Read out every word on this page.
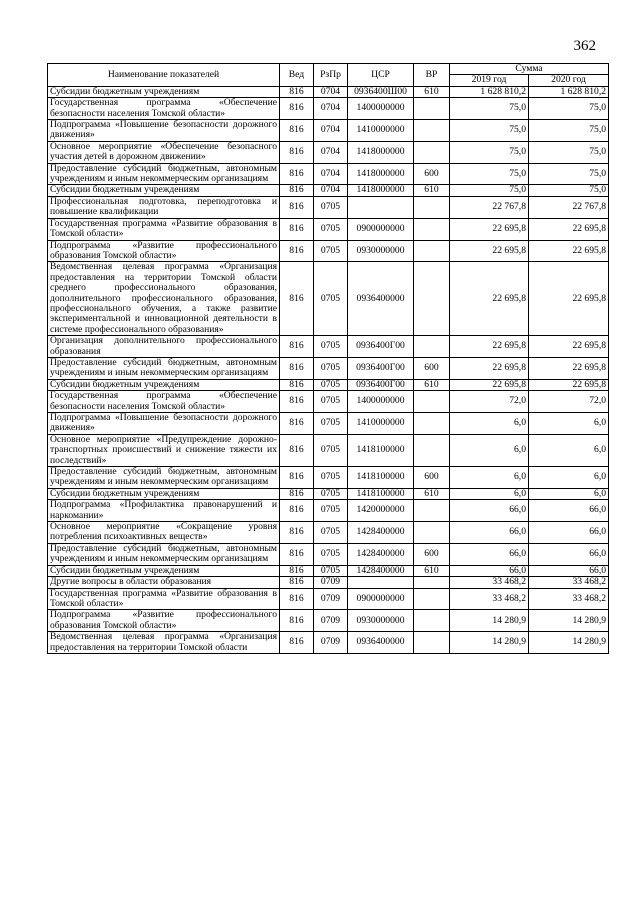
362
Наименование показателей	Вед	РзПр	ЦСР	ВР	Сумма	
					2019 год	2020 год
Субсидии бюджетным учреждениям	816	0704	0936400Ш00	610	1 628 810,2	1 628 810,2
Государственная программа «Обеспечение безопасности населения Томской области»	816	0704	1400000000		75,0	75,0
Подпрограмма «Повышение безопасности дорожного движения»	816	0704	1410000000		75,0	75,0
Основное мероприятие «Обеспечение безопасного участия детей в дорожном движении»	816	0704	1418000000		75,0	75,0
Предоставление субсидий бюджетным, автономным учреждениям и иным некоммерческим организациям	816	0704	1418000000	600	75,0	75,0
Субсидии бюджетным учреждениям	816	0704	1418000000	610	75,0	75,0
Профессиональная подготовка, переподготовка и повышение квалификации	816	0705			22 767,8	22 767,8
Государственная программа «Развитие образования в Томской области»	816	0705	0900000000		22 695,8	22 695,8
Подпрограмма «Развитие профессионального образования Томской области»	816	0705	0930000000		22 695,8	22 695,8
Ведомственная целевая программа «Организация предоставления на территории Томской области среднего профессионального образования, дополнительного профессионального образования, профессионального обучения, а также развитие экспериментальной и инновационной деятельности в системе профессионального образования»	816	0705	0936400000		22 695,8	22 695,8
Организация дополнительного профессионального образования	816	0705	0936400Г00		22 695,8	22 695,8
Предоставление субсидий бюджетным, автономным учреждениям и иным некоммерческим организациям	816	0705	0936400Г00	600	22 695,8	22 695,8
Субсидии бюджетным учреждениям	816	0705	0936400Г00	610	22 695,8	22 695,8
Государственная программа «Обеспечение безопасности населения Томской области»	816	0705	1400000000		72,0	72,0
Подпрограмма «Повышение безопасности дорожного движения»	816	0705	1410000000		6,0	6,0
Основное мероприятие «Предупреждение дорожно-транспортных происшествий и снижение тяжести их последствий»	816	0705	1418100000		6,0	6,0
Предоставление субсидий бюджетным, автономным учреждениям и иным некоммерческим организациям	816	0705	1418100000	600	6,0	6,0
Субсидии бюджетным учреждениям	816	0705	1418100000	610	6,0	6,0
Подпрограмма «Профилактика правонарушений и наркомании»	816	0705	1420000000		66,0	66,0
Основное мероприятие «Сокращение уровня потребления психоактивных веществ»	816	0705	1428400000		66,0	66,0
Предоставление субсидий бюджетным, автономным учреждениям и иным некоммерческим организациям	816	0705	1428400000	600	66,0	66,0
Субсидии бюджетным учреждениям	816	0705	1428400000	610	66,0	66,0
Другие вопросы в области образования	816	0709			33 468,2	33 468,2
Государственная программа «Развитие образования в Томской области»	816	0709	0900000000		33 468,2	33 468,2
Подпрограмма «Развитие профессионального образования Томской области»	816	0709	0930000000		14 280,9	14 280,9
Ведомственная целевая программа «Организация предоставления на территории Томской области	816	0709	0936400000		14 280,9	14 280,9
